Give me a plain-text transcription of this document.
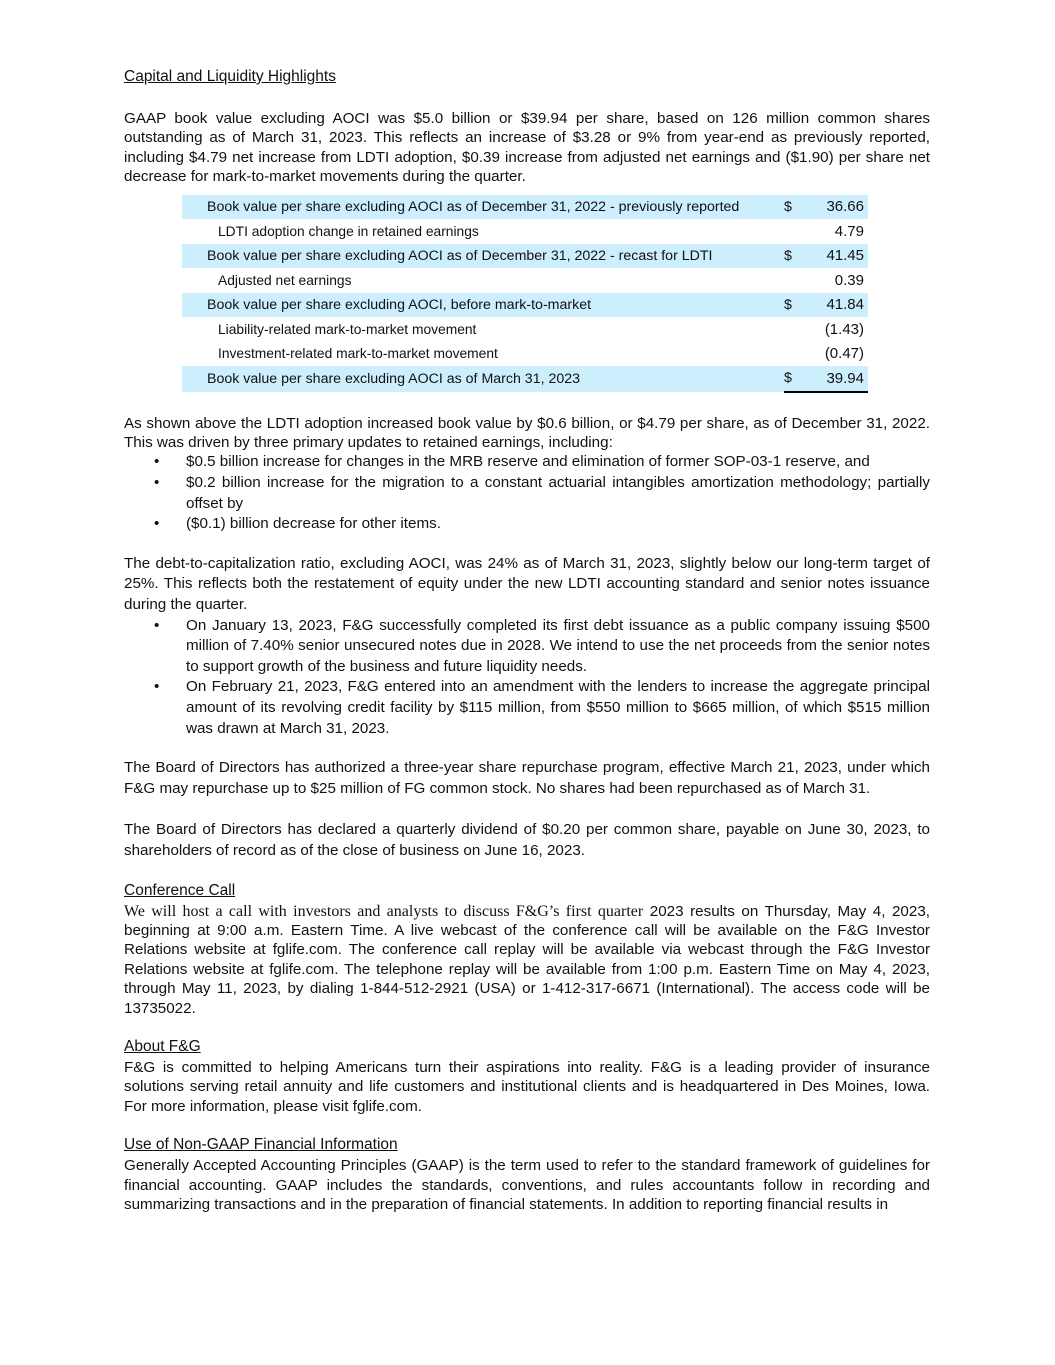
Capital and Liquidity Highlights

GAAP book value excluding AOCI was $5.0 billion or $39.94 per share, based on 126 million common shares outstanding as of March 31, 2023. This reflects an increase of $3.28 or 9% from year-end as previously reported, including $4.79 net increase from LDTI adoption, $0.39 increase from adjusted net earnings and ($1.90) per share net decrease for mark-to-market movements during the quarter.

Book value per share excluding AOCI as of December 31, 2022 - previously reported	$	36.66
LDTI adoption change in retained earnings		4.79
Book value per share excluding AOCI as of December 31, 2022 - recast for LDTI	$	41.45
Adjusted net earnings		0.39
Book value per share excluding AOCI, before mark-to-market	$	41.84
Liability-related mark-to-market movement		(1.43)
Investment-related mark-to-market movement		(0.47)
Book value per share excluding AOCI as of March 31, 2023	$	39.94

As shown above the LDTI adoption increased book value by $0.6 billion, or $4.79 per share, as of December 31, 2022. This was driven by three primary updates to retained earnings, including:

• $0.5 billion increase for changes in the MRB reserve and elimination of former SOP-03-1 reserve, and
• $0.2 billion increase for the migration to a constant actuarial intangibles amortization methodology; partially offset by
• ($0.1) billion decrease for other items.

The debt-to-capitalization ratio, excluding AOCI, was 24% as of March 31, 2023, slightly below our long-term target of 25%. This reflects both the restatement of equity under the new LDTI accounting standard and senior notes issuance during the quarter.

• On January 13, 2023, F&G successfully completed its first debt issuance as a public company issuing $500 million of 7.40% senior unsecured notes due in 2028. We intend to use the net proceeds from the senior notes to support growth of the business and future liquidity needs.
• On February 21, 2023, F&G entered into an amendment with the lenders to increase the aggregate principal amount of its revolving credit facility by $115 million, from $550 million to $665 million, of which $515 million was drawn at March 31, 2023.

The Board of Directors has authorized a three-year share repurchase program, effective March 21, 2023, under which F&G may repurchase up to $25 million of FG common stock. No shares had been repurchased as of March 31.

The Board of Directors has declared a quarterly dividend of $0.20 per common share, payable on June 30, 2023, to shareholders of record as of the close of business on June 16, 2023.

Conference Call

We will host a call with investors and analysts to discuss F&G’s first quarter 2023 results on Thursday, May 4, 2023, beginning at 9:00 a.m. Eastern Time. A live webcast of the conference call will be available on the F&G Investor Relations website at fglife.com. The conference call replay will be available via webcast through the F&G Investor Relations website at fglife.com. The telephone replay will be available from 1:00 p.m. Eastern Time on May 4, 2023, through May 11, 2023, by dialing 1-844-512-2921 (USA) or 1-412-317-6671 (International). The access code will be 13735022.

About F&G

F&G is committed to helping Americans turn their aspirations into reality. F&G is a leading provider of insurance solutions serving retail annuity and life customers and institutional clients and is headquartered in Des Moines, Iowa. For more information, please visit fglife.com.

Use of Non-GAAP Financial Information

Generally Accepted Accounting Principles (GAAP) is the term used to refer to the standard framework of guidelines for financial accounting. GAAP includes the standards, conventions, and rules accountants follow in recording and summarizing transactions and in the preparation of financial statements. In addition to reporting financial results in
